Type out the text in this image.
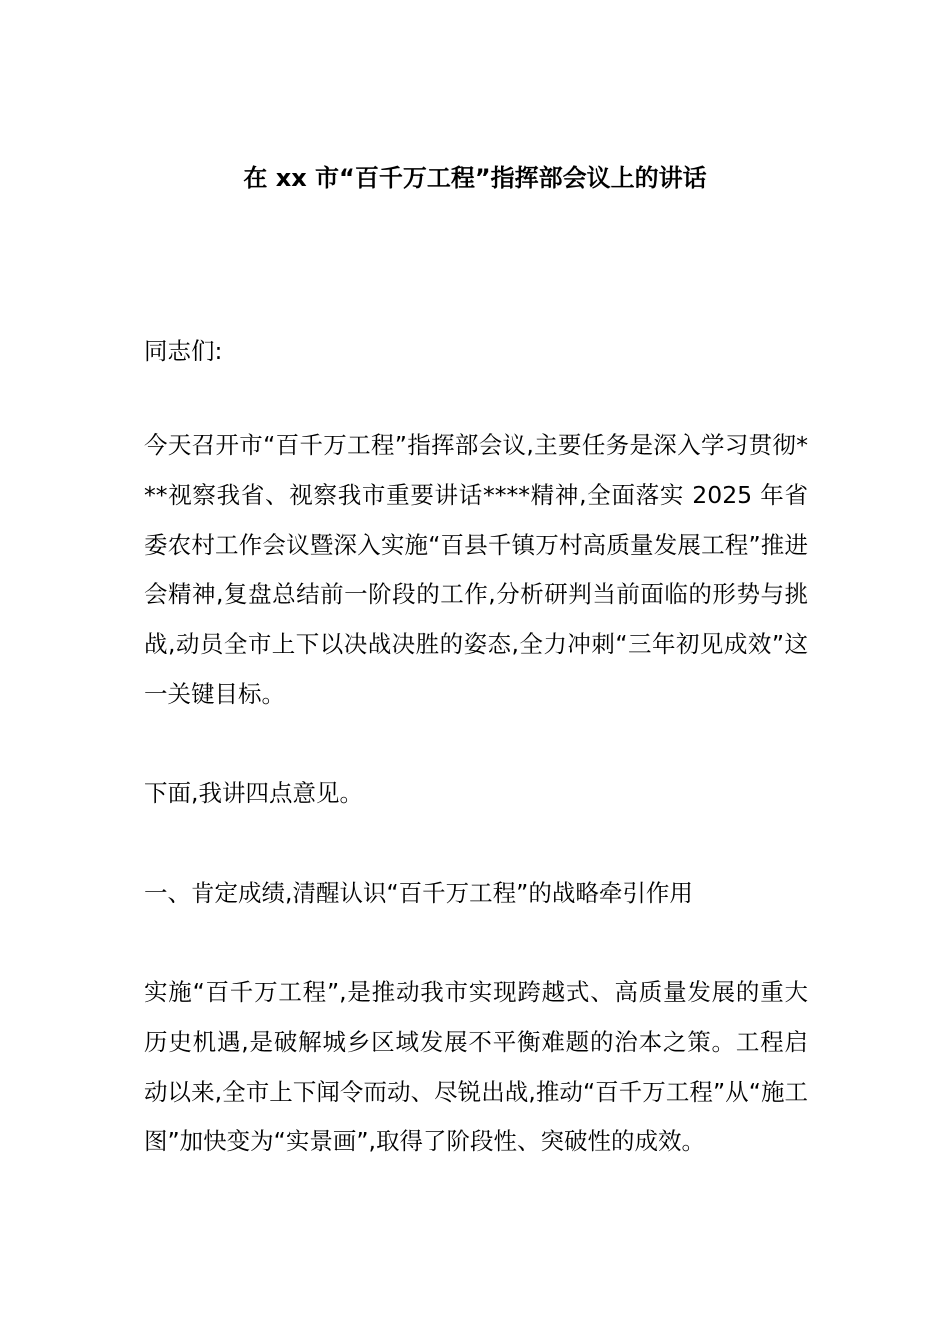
在 xx 市“百千万工程”指挥部会议上的讲话

同志们:

今天召开市“百千万工程”指挥部会议,主要任务是深入学习贯彻***视察我省、视察我市重要讲话****精神,全面落实 2025 年省委农村工作会议暨深入实施“百县千镇万村高质量发展工程”推进会精神,复盘总结前一阶段的工作,分析研判当前面临的形势与挑战,动员全市上下以决战决胜的姿态,全力冲刺“三年初见成效”这一关键目标。

下面,我讲四点意见。

一、肯定成绩,清醒认识“百千万工程”的战略牵引作用

实施“百千万工程”,是推动我市实现跨越式、高质量发展的重大历史机遇,是破解城乡区域发展不平衡难题的治本之策。工程启动以来,全市上下闻令而动、尽锐出战,推动“百千万工程”从“施工图”加快变为“实景画”,取得了阶段性、突破性的成效。
